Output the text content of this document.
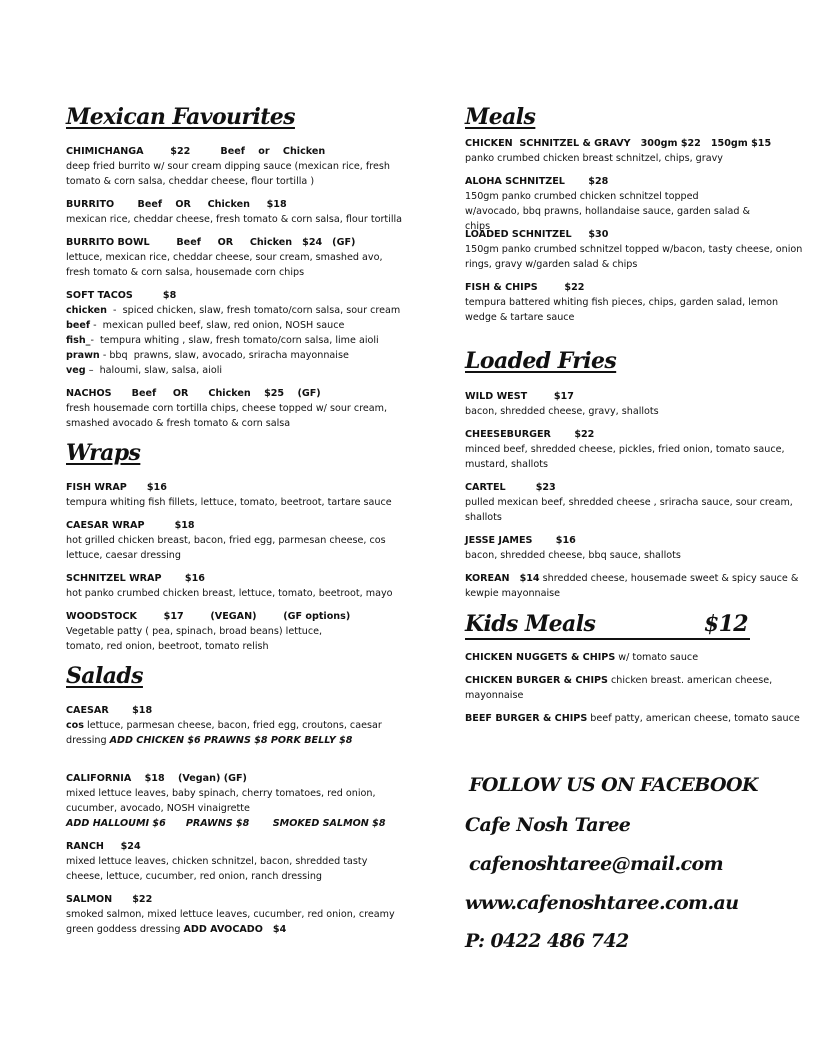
Mexican Favourites
CHIMICHANGA        $22         Beef    or    Chicken
deep fried burrito w/ sour cream dipping sauce (mexican rice, fresh tomato & corn salsa, cheddar cheese, flour tortilla )
BURRITO       Beef    OR     Chicken     $18
mexican rice, cheddar cheese, fresh tomato & corn salsa, flour tortilla
BURRITO BOWL        Beef     OR     Chicken   $24   (GF)
lettuce, mexican rice, cheddar cheese, sour cream, smashed avo, fresh tomato & corn salsa, housemade corn chips
SOFT TACOS         $8
chicken  -  spiced chicken, slaw, fresh tomato/corn salsa, sour cream
beef -  mexican pulled beef, slaw, red onion, NOSH sauce
fish_-  tempura whiting , slaw, fresh tomato/corn salsa, lime aioli
prawn - bbq  prawns, slaw, avocado, sriracha mayonnaise
veg –  haloumi, slaw, salsa, aioli
NACHOS      Beef     OR      Chicken    $25    (GF)
fresh housemade corn tortilla chips, cheese topped w/ sour cream, smashed avocado & fresh tomato & corn salsa
Wraps
FISH WRAP      $16
tempura whiting fish fillets, lettuce, tomato, beetroot, tartare sauce
CAESAR WRAP         $18
hot grilled chicken breast, bacon, fried egg, parmesan cheese, cos lettuce, caesar dressing
SCHNITZEL WRAP       $16
hot panko crumbed chicken breast, lettuce, tomato, beetroot, mayo
WOODSTOCK        $17        (VEGAN)        (GF options)
Vegetable patty ( pea, spinach, broad beans) lettuce, tomato, red onion, beetroot, tomato relish
Salads
CAESAR       $18
cos lettuce, parmesan cheese, bacon, fried egg, croutons, caesar dressing ADD CHICKEN $6 PRAWNS $8 PORK BELLY $8
CALIFORNIA    $18    (Vegan) (GF)
mixed lettuce leaves, baby spinach, cherry tomatoes, red onion, cucumber, avocado, NOSH vinaigrette
ADD HALLOUMI $6      PRAWNS $8       SMOKED SALMON $8
RANCH     $24
mixed lettuce leaves, chicken schnitzel, bacon, shredded tasty cheese, lettuce, cucumber, red onion, ranch dressing
SALMON      $22
smoked salmon, mixed lettuce leaves, cucumber, red onion, creamy green goddess dressing ADD AVOCADO   $4
Meals
CHICKEN  SCHNITZEL & GRAVY   300gm $22   150gm $15
panko crumbed chicken breast schnitzel, chips, gravy
ALOHA SCHNITZEL       $28
150gm panko crumbed chicken schnitzel topped w/avocado, bbq prawns, hollandaise sauce, garden salad & chips
LOADED SCHNITZEL     $30
150gm panko crumbed schnitzel topped w/bacon, tasty cheese, onion rings, gravy w/garden salad & chips
FISH & CHIPS        $22
tempura battered whiting fish pieces, chips, garden salad, lemon wedge & tartare sauce
Loaded Fries
WILD WEST        $17
bacon, shredded cheese, gravy, shallots
CHEESEBURGER       $22
minced beef, shredded cheese, pickles, fried onion, tomato sauce, mustard, shallots
CARTEL         $23
pulled mexican beef, shredded cheese , sriracha sauce, sour cream, shallots
JESSE JAMES       $16
bacon, shredded cheese, bbq sauce, shallots
KOREAN   $14 shredded cheese, housemade sweet & spicy sauce & kewpie mayonnaise
Kids Meals	$12
CHICKEN NUGGETS & CHIPS w/ tomato sauce
CHICKEN BURGER & CHIPS chicken breast. american cheese, mayonnaise
BEEF BURGER & CHIPS beef patty, american cheese, tomato sauce
FOLLOW US ON FACEBOOK
Cafe Nosh Taree
cafenoshtaree@mail.com
www.cafenoshtaree.com.au
P: 0422 486 742
